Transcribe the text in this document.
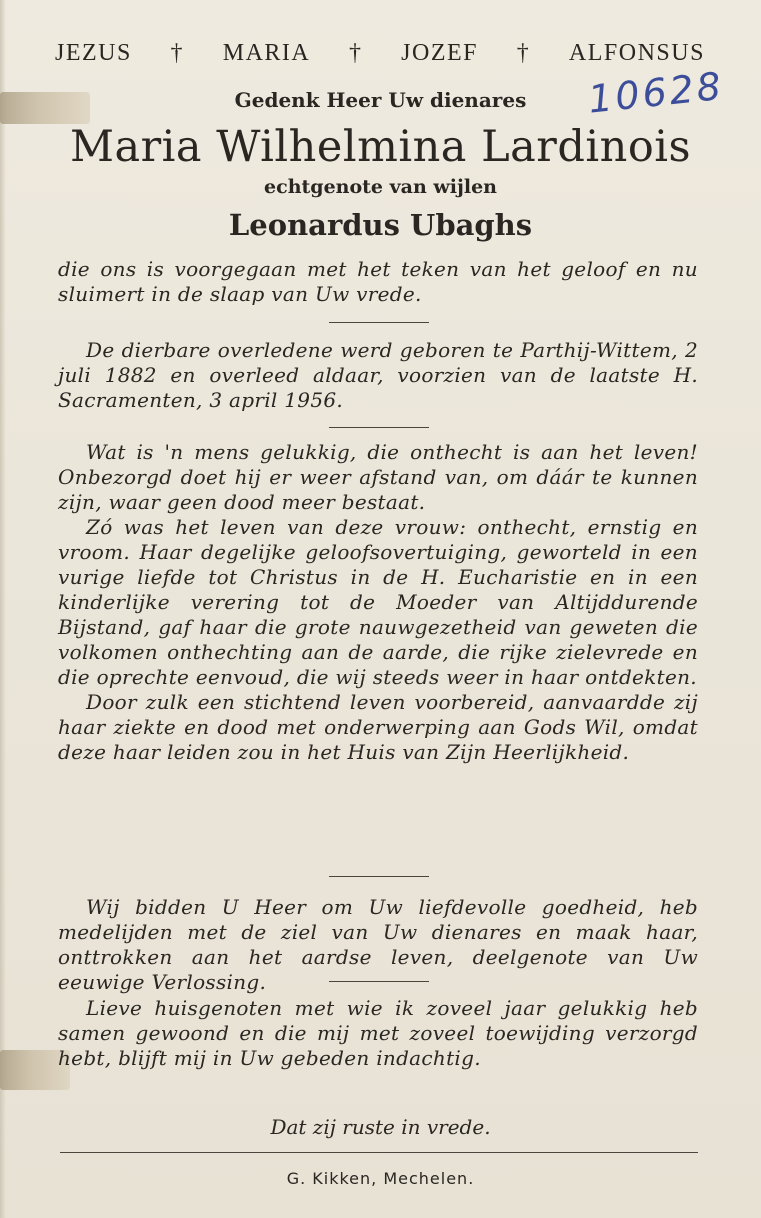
JEZUS † MARIA † JOZEF † ALFONSUS
10628
Gedenk Heer Uw dienares
Maria Wilhelmina Lardinois
echtgenote van wijlen
Leonardus Ubaghs
die ons is voorgegaan met het teken van het geloof en nu sluimert in de slaap van Uw vrede.
De dierbare overledene werd geboren te Parthij-Wittem, 2 juli 1882 en overleed aldaar, voorzien van de laatste H. Sacramenten, 3 april 1956.
Wat is 'n mens gelukkig, die onthecht is aan het leven! Onbezorgd doet hij er weer afstand van, om dáár te kunnen zijn, waar geen dood meer bestaat.
Zó was het leven van deze vrouw: onthecht, ernstig en vroom. Haar degelijke geloofsovertuiging, geworteld in een vurige liefde tot Christus in de H. Eucharistie en in een kinderlijke verering tot de Moeder van Altijddurende Bijstand, gaf haar die grote nauwgezetheid van geweten die volkomen onthechting aan de aarde, die rijke zielevrede en die oprechte eenvoud, die wij steeds weer in haar ontdekten.
Door zulk een stichtend leven voorbereid, aanvaardde zij haar ziekte en dood met onderwerping aan Gods Wil, omdat deze haar leiden zou in het Huis van Zijn Heerlijkheid.
Wij bidden U Heer om Uw liefdevolle goedheid, heb medelijden met de ziel van Uw dienares en maak haar, onttrokken aan het aardse leven, deelgenote van Uw eeuwige Verlossing.
Lieve huisgenoten met wie ik zoveel jaar gelukkig heb samen gewoond en die mij met zoveel toewijding verzorgd hebt, blijft mij in Uw gebeden indachtig.
Dat zij ruste in vrede.
G. Kikken, Mechelen.
